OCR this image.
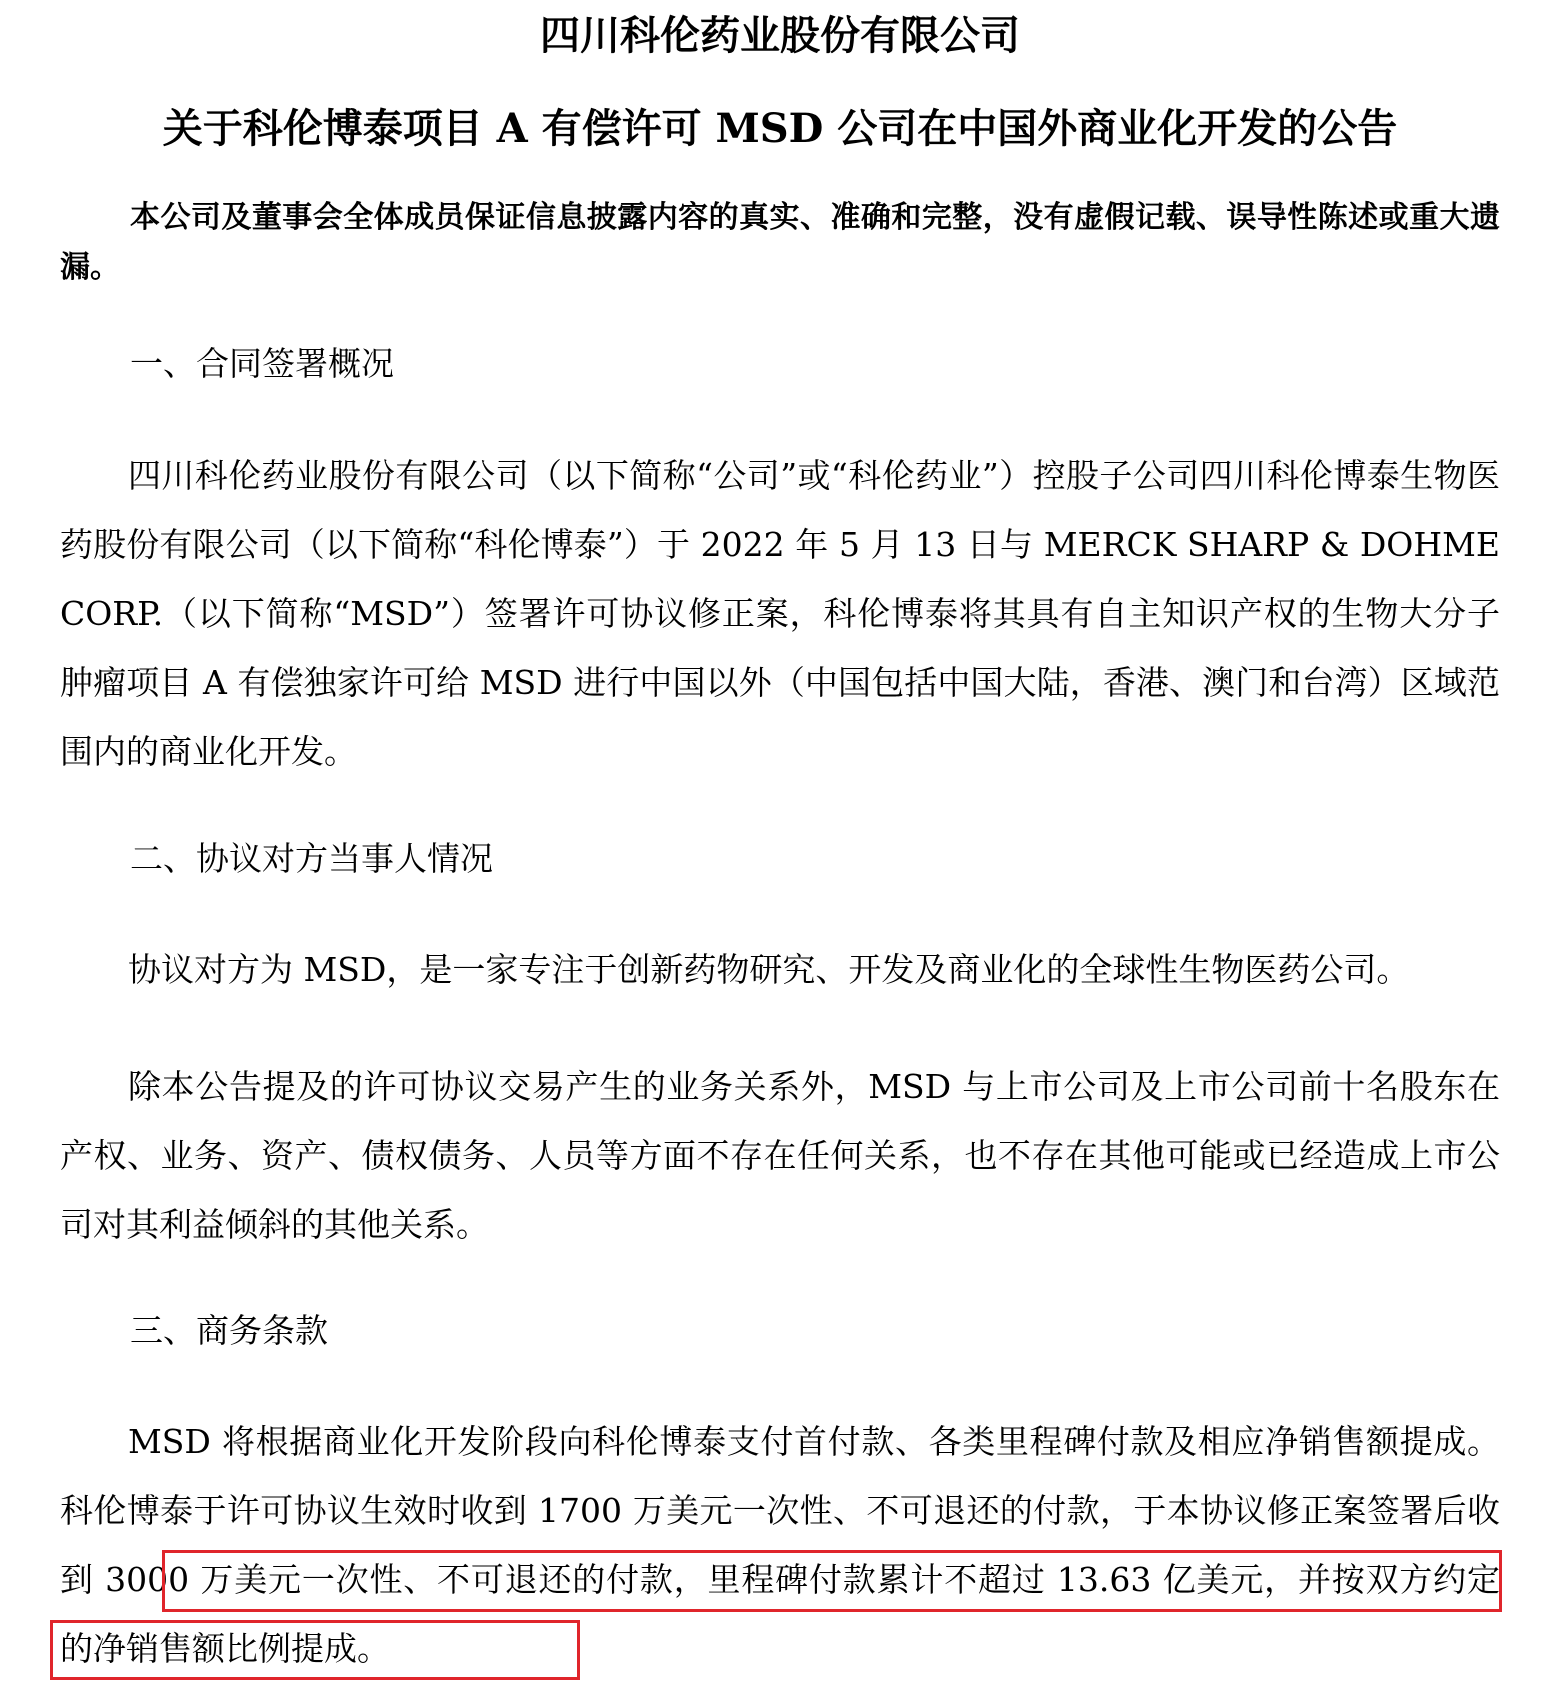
四川科伦药业股份有限公司
关于科伦博泰项目 A 有偿许可 MSD 公司在中国外商业化开发的公告
本公司及董事会全体成员保证信息披露内容的真实、准确和完整，没有虚假记载、误导性陈述或重大遗漏。
一、合同签署概况

四川科伦药业股份有限公司（以下简称“公司”或“科伦药业”）控股子公司四川科伦博泰生物医药股份有限公司（以下简称“科伦博泰”）于 2022 年 5 月 13 日与 MERCK SHARP & DOHME CORP.（以下简称“MSD”）签署许可协议修正案，科伦博泰将其具有自主知识产权的生物大分子肿瘤项目 A 有偿独家许可给 MSD 进行中国以外（中国包括中国大陆，香港、澳门和台湾）区域范围内的商业化开发。

二、协议对方当事人情况

协议对方为 MSD，是一家专注于创新药物研究、开发及商业化的全球性生物医药公司。

除本公告提及的许可协议交易产生的业务关系外，MSD 与上市公司及上市公司前十名股东在产权、业务、资产、债权债务、人员等方面不存在任何关系，也不存在其他可能或已经造成上市公司对其利益倾斜的其他关系。

三、商务条款

MSD 将根据商业化开发阶段向科伦博泰支付首付款、各类里程碑付款及相应净销售额提成。科伦博泰于许可协议生效时收到 1700 万美元一次性、不可退还的付款，于本协议修正案签署后收到 3000 万美元一次性、不可退还的付款，里程碑付款累计不超过 13.63 亿美元，并按双方约定的净销售额比例提成。
